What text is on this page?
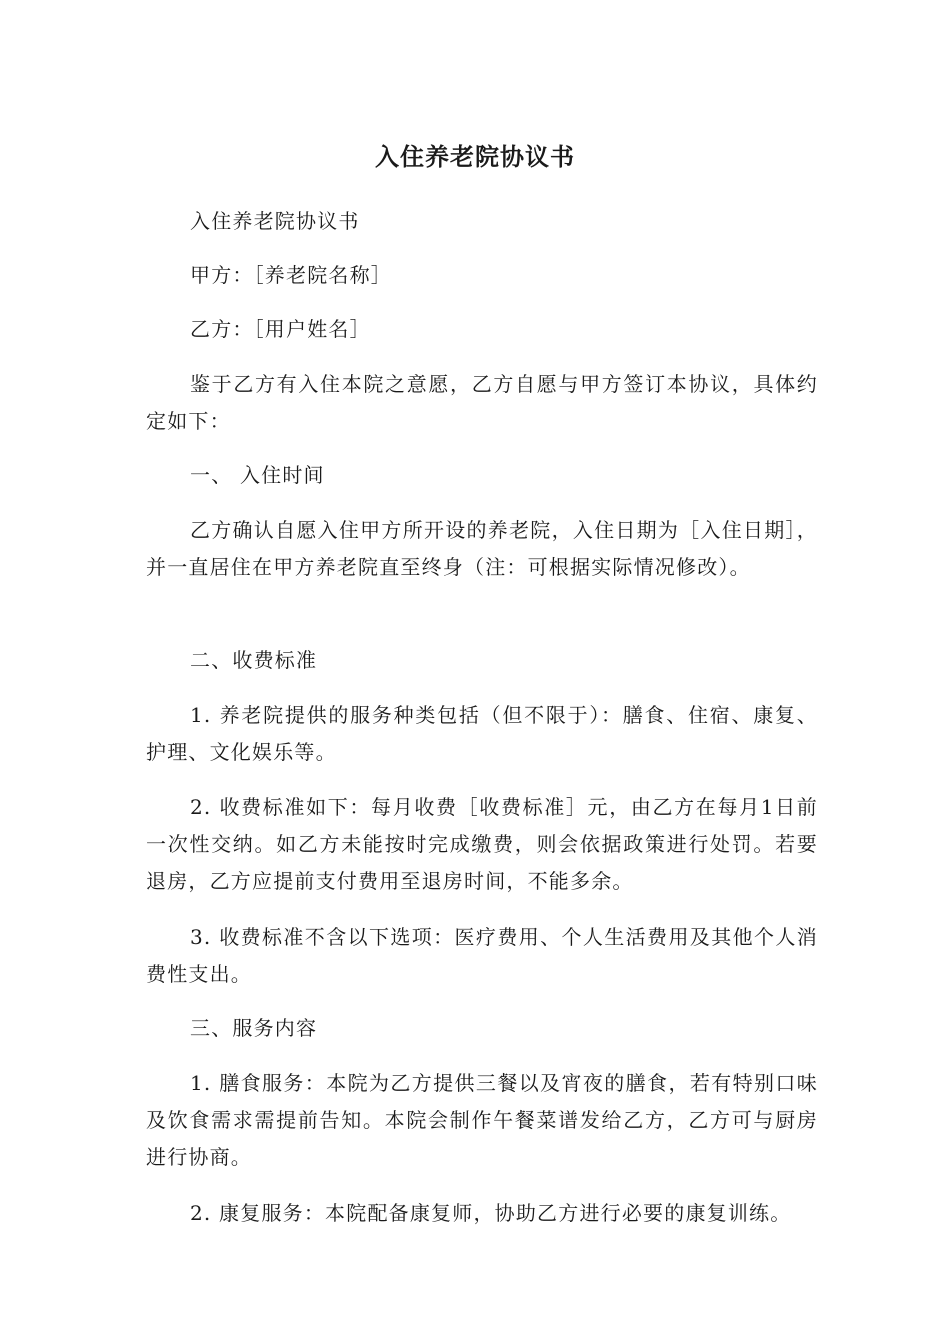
入住养老院协议书

入住养老院协议书

甲方：［养老院名称］

乙方：［用户姓名］

鉴于乙方有入住本院之意愿，乙方自愿与甲方签订本协议，具体约定如下：

一、 入住时间

乙方确认自愿入住甲方所开设的养老院，入住日期为［入住日期］，并一直居住在甲方养老院直至终身（注：可根据实际情况修改）。

二、收费标准

1. 养老院提供的服务种类包括（但不限于）：膳食、住宿、康复、护理、文化娱乐等。

2. 收费标准如下：每月收费［收费标准］元，由乙方在每月1日前一次性交纳。如乙方未能按时完成缴费，则会依据政策进行处罚。若要退房，乙方应提前支付费用至退房时间，不能多余。

3. 收费标准不含以下选项：医疗费用、个人生活费用及其他个人消费性支出。

三、服务内容

1. 膳食服务：本院为乙方提供三餐以及宵夜的膳食，若有特别口味及饮食需求需提前告知。本院会制作午餐菜谱发给乙方，乙方可与厨房进行协商。

2. 康复服务：本院配备康复师，协助乙方进行必要的康复训练。
